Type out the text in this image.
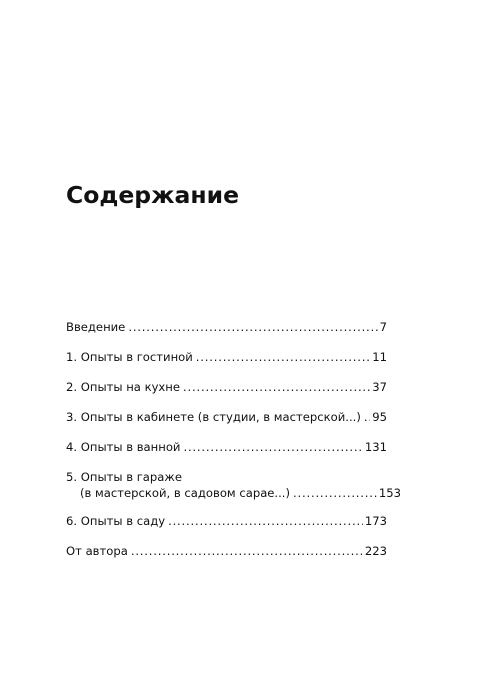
Содержание
Введение .....	7
1. Опыты в гостиной .....	11
2. Опыты на кухне .....	37
3. Опыты в кабинете (в студии, в мастерской...) ..... 95
4. Опыты в ванной .....	131
5. Опыты в гараже
(в мастерской, в садовом сарае...) .....	153
6. Опыты в саду .....	173
От автора .....	223
